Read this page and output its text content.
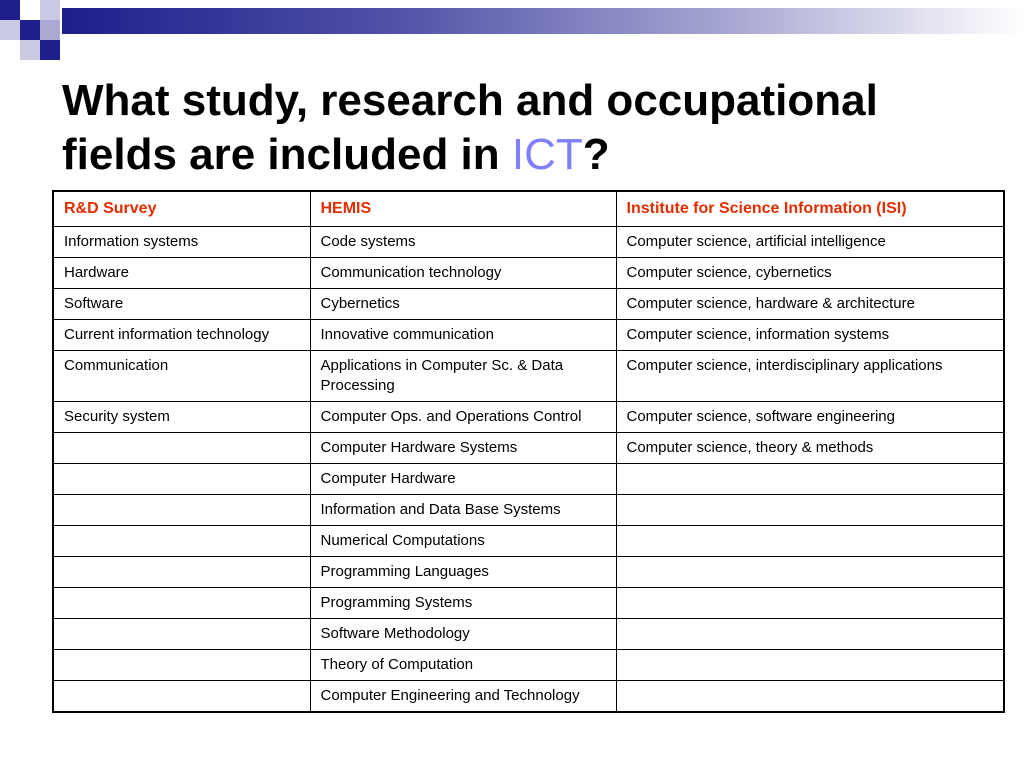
What study, research and occupational fields are included in ICT?
R&D Survey	HEMIS	Institute for Science Information (ISI)
Information systems	Code systems	Computer science, artificial intelligence
Hardware	Communication technology	Computer science, cybernetics
Software	Cybernetics	Computer science, hardware & architecture
Current information technology	Innovative communication	Computer science, information systems
Communication	Applications in Computer Sc. & Data Processing	Computer science, interdisciplinary applications
Security system	Computer Ops. and Operations Control	Computer science, software engineering
	Computer Hardware Systems	Computer science, theory & methods
	Computer Hardware	
	Information and Data Base Systems	
	Numerical Computations	
	Programming Languages	
	Programming Systems	
	Software Methodology	
	Theory of Computation	
	Computer Engineering and Technology	
